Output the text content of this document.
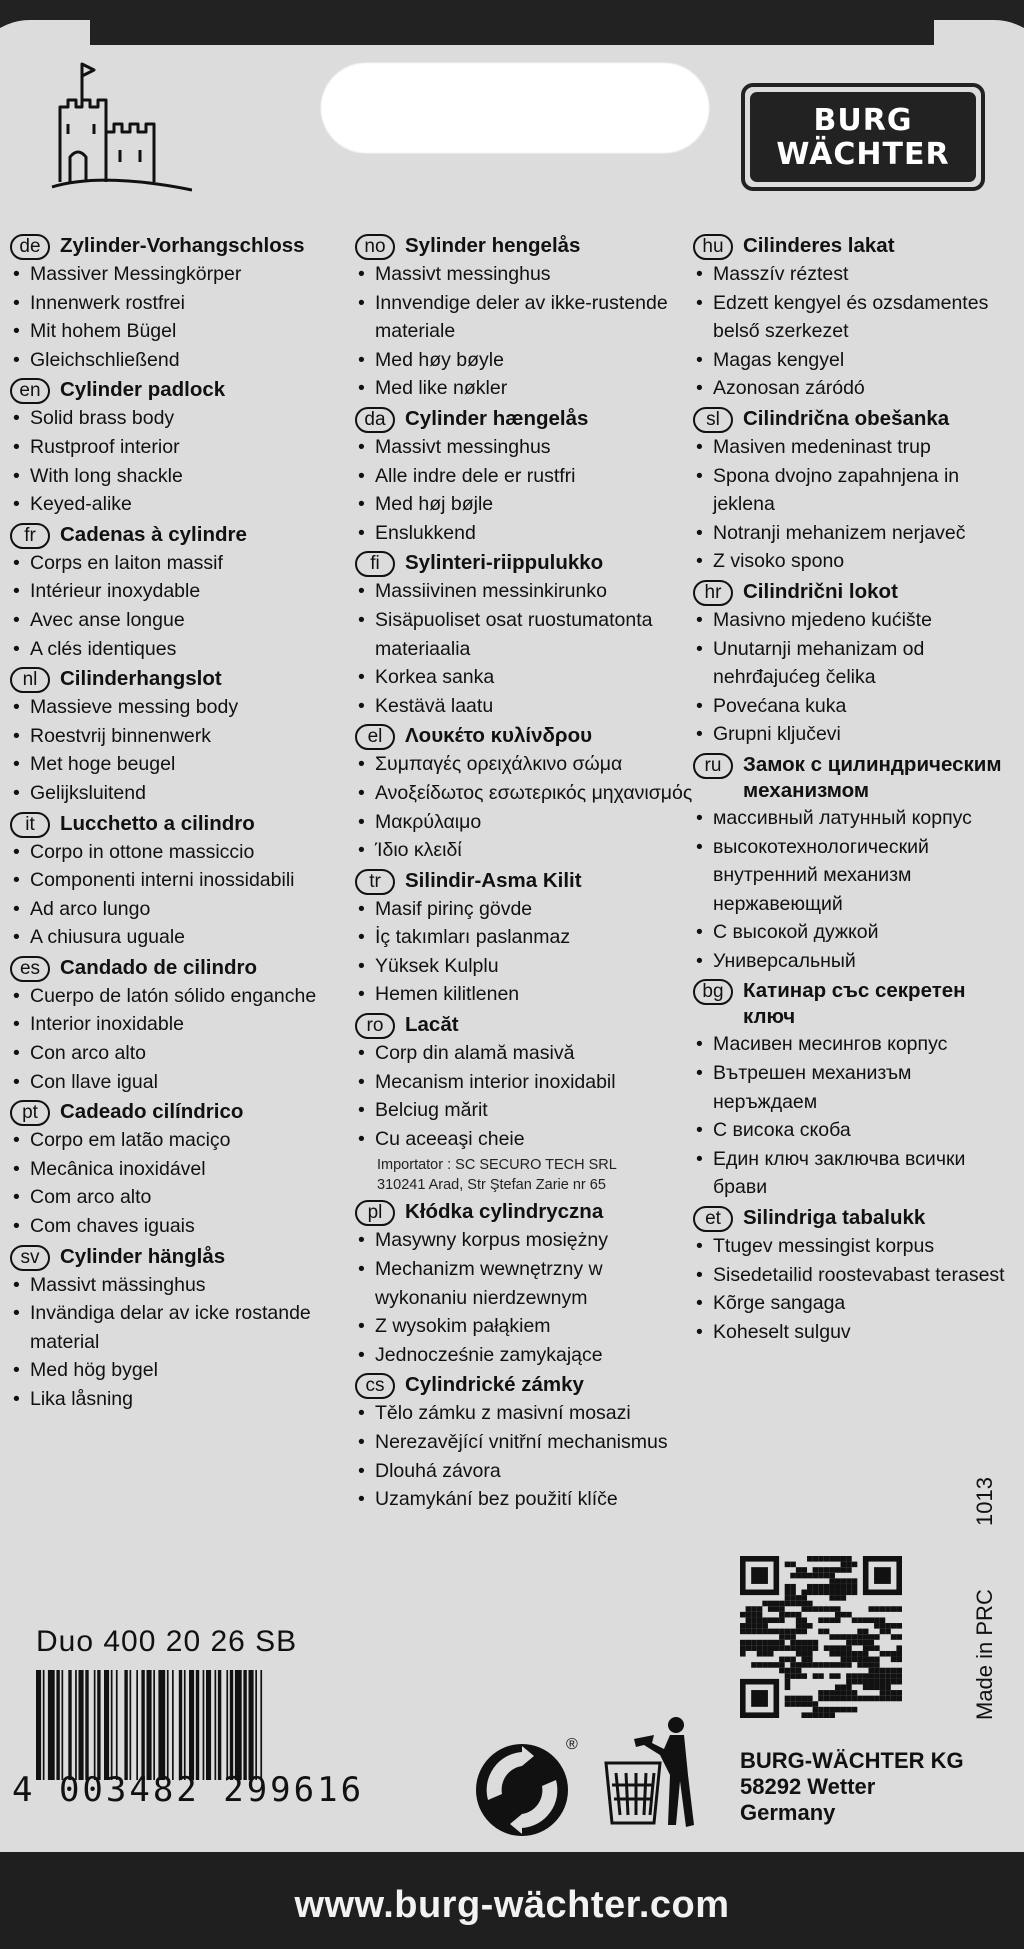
BURG
WÄCHTER
de Zylinder-Vorhangschloss
• Massiver Messingkörper
• Innenwerk rostfrei
• Mit hohem Bügel
• Gleichschließend
en Cylinder padlock
• Solid brass body
• Rustproof interior
• With long shackle
• Keyed-alike
fr	Cadenas à cylindre
• Corps en laiton massif
• Intérieur inoxydable
• Avec anse longue
• A clés identiques
nl	Cilinderhangslot
• Massieve messing body
• Roestvrij binnenwerk
• Met hoge beugel
• Gelijksluitend
it	Lucchetto a cilindro
• Corpo in ottone massiccio
• Componenti interni inossidabili
• Ad arco lungo
• A chiusura uguale
es Candado de cilindro
• Cuerpo de latón sólido enganche
• Interior inoxidable
• Con arco alto
• Con llave igual
pt	Cadeado cilíndrico
• Corpo em latão maciço
• Mecânica inoxidável
• Com arco alto
• Com chaves iguais
sv	Cylinder hänglås
• Massivt mässinghus
• Invändiga delar av icke rostande material
• Med hög bygel
• Lika låsning
no Sylinder hengelås
• Massivt messinghus
• Innvendige deler av ikke-rustende materiale
• Med høy bøyle
• Med like nøkler
da Cylinder hængelås
• Massivt messinghus
• Alle indre dele er rustfri
• Med høj bøjle
• Enslukkend
fi	Sylinteri-riippulukko
• Massiivinen messinkirunko
• Sisäpuoliset osat ruostumatonta materiaalia
• Korkea sanka
• Kestävä laatu
el	Λουκέτο κυλίνδρου
• Συμπαγές ορειχάλκινο σώμα
• Ανοξείδωτος εσωτερικός μηχανισμός
• Μακρύλαιμο
• Ίδιο κλειδί
tr	Silindir-Asma Kilit
• Masif pirinç gövde
• İç takımları paslanmaz
• Yüksek Kulplu
• Hemen kilitlenen
ro	Lacăt
• Corp din alamă masivă
• Mecanism interior inoxidabil
• Belciug mărit
• Cu aceeaşi cheie
Importator : SC SECURO TECH SRL
310241 Arad, Str Ştefan Zarie nr 65
pl	Kłódka cylindryczna
• Masywny korpus mosiężny
• Mechanizm wewnętrzny w wykonaniu nierdzewnym
• Z wysokim pałąkiem
• Jednocześnie zamykające
cs	Cylindrické zámky
• Tělo zámku z masivní mosazi
• Nerezavějící vnitřní mechanismus
• Dlouhá závora
• Uzamykání bez použití klíče
hu Cilinderes lakat
• Masszív réztest
• Edzett kengyel és ozsdamentes belső szerkezet
• Magas kengyel
• Azonosan záródó
sl	Cilindrična obešanka
• Masiven medeninast trup
• Spona dvojno zapahnjena in jeklena
• Notranji mehanizem nerjaveč
• Z visoko spono
hr	Cilindrični lokot
• Masivno mjedeno kućište
• Unutarnji mehanizam od nehrđajućeg čelika
• Povećana kuka
• Grupni ključevi
ru	Замок с цилиндрическим механизмом
• массивный латунный корпус
• высокотехнологический внутренний механизм нержавеющий
• С высокой дужкой
• Универсальный
bg Катинар със секретен ключ
• Масивен месингов корпус
• Вътрешен механизъм неръждаем
• С висока скоба
• Един ключ заключва всички брави
et	Silindriga tabalukk
• Ttugev messingist korpus
• Sisedetailid roostevabast terasest
• Kõrge sangaga
• Koheselt sulguv
Duo 400 20 26 SB
4 003482 299616
®
BURG-WÄCHTER KG
58292 Wetter
Germany
Made in PRC
1013
www.burg-wächter.com
